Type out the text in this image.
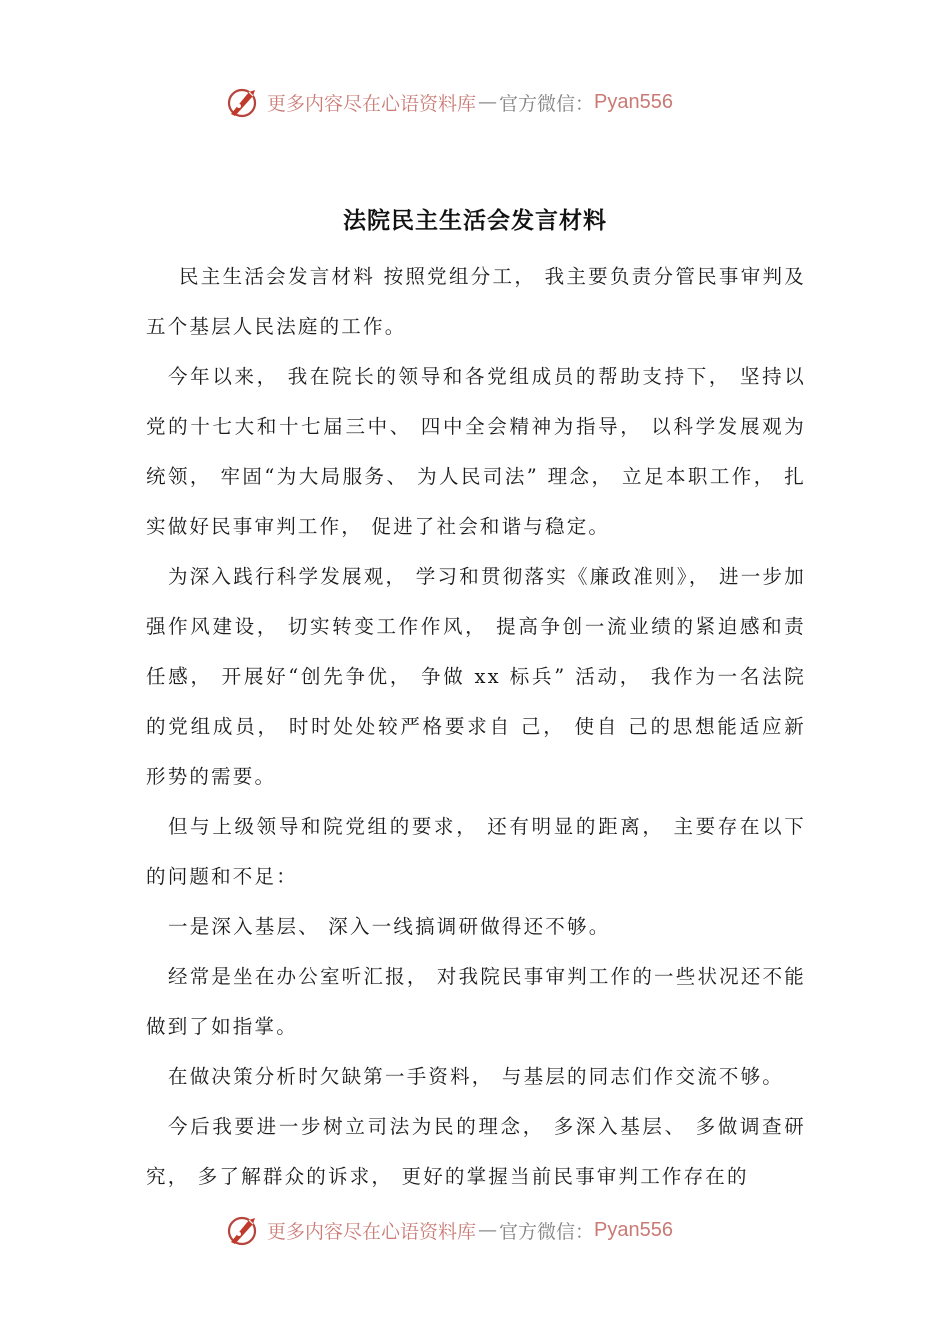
更多内容尽在心语资料库 — 官方微信： Pyan556
法院民主生活会发言材料

民主生活会发言材料 按照党组分工， 我主要负责分管民事审判及五个基层人民法庭的工作。

今年以来， 我在院长的领导和各党组成员的帮助支持下， 坚持以党的十七大和十七届三中、 四中全会精神为指导， 以科学发展观为统领， 牢固“为大局服务、 为人民司法” 理念， 立足本职工作， 扎实做好民事审判工作， 促进了社会和谐与稳定。

为深入践行科学发展观， 学习和贯彻落实《廉政准则》， 进一步加强作风建设， 切实转变工作作风， 提高争创一流业绩的紧迫感和责任感， 开展好“创先争优， 争做 xx 标兵” 活动， 我作为一名法院的党组成员， 时时处处较严格要求自 己， 使自 己的思想能适应新形势的需要。

但与上级领导和院党组的要求， 还有明显的距离， 主要存在以下的问题和不足：

一是深入基层、 深入一线搞调研做得还不够。

经常是坐在办公室听汇报， 对我院民事审判工作的一些状况还不能做到了如指掌。

在做决策分析时欠缺第一手资料， 与基层的同志们作交流不够。

今后我要进一步树立司法为民的理念， 多深入基层、 多做调查研究， 多了解群众的诉求， 更好的掌握当前民事审判工作存在的

更多内容尽在心语资料库 — 官方微信： Pyan556
